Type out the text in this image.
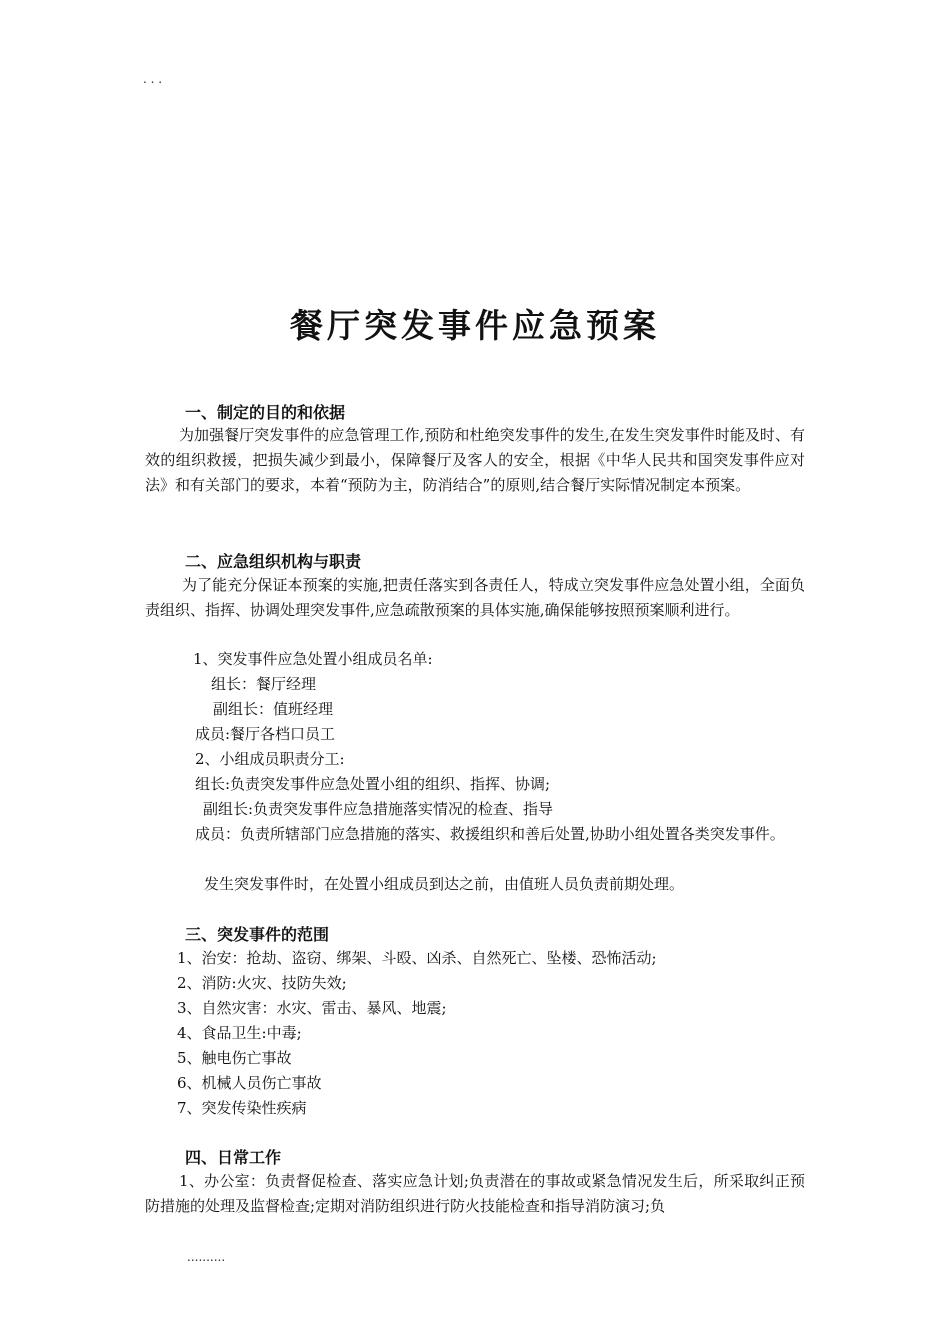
. . .
餐厅突发事件应急预案
一、制定的目的和依据
为加强餐厅突发事件的应急管理工作,预防和杜绝突发事件的发生,在发生突发事件时能及时、有效的组织救援，把损失减少到最小，保障餐厅及客人的安全，根据《中华人民共和国突发事件应对法》和有关部门的要求，本着“预防为主，防消结合”的原则,结合餐厅实际情况制定本预案。
二、应急组织机构与职责
为了能充分保证本预案的实施,把责任落实到各责任人，特成立突发事件应急处置小组，全面负责组织、指挥、协调处理突发事件,应急疏散预案的具体实施,确保能够按照预案顺利进行。
1、突发事件应急处置小组成员名单:
组长：餐厅经理
副组长：值班经理
成员:餐厅各档口员工
2、小组成员职责分工:
组长:负责突发事件应急处置小组的组织、指挥、协调;
副组长:负责突发事件应急措施落实情况的检查、指导
成员：负责所辖部门应急措施的落实、救援组织和善后处置,协助小组处置各类突发事件。
发生突发事件时，在处置小组成员到达之前，由值班人员负责前期处理。
三、突发事件的范围
1、治安：抢劫、盗窃、绑架、斗殴、凶杀、自然死亡、坠楼、恐怖活动;
2、消防:火灾、技防失效;
3、自然灾害：水灾、雷击、暴风、地震;
4、食品卫生:中毒;
5、触电伤亡事故
6、机械人员伤亡事故
7、突发传染性疾病
四、日常工作
1、办公室：负责督促检查、落实应急计划;负责潜在的事故或紧急情况发生后，所采取纠正预防措施的处理及监督检查;定期对消防组织进行防火技能检查和指导消防演习;负
..........
